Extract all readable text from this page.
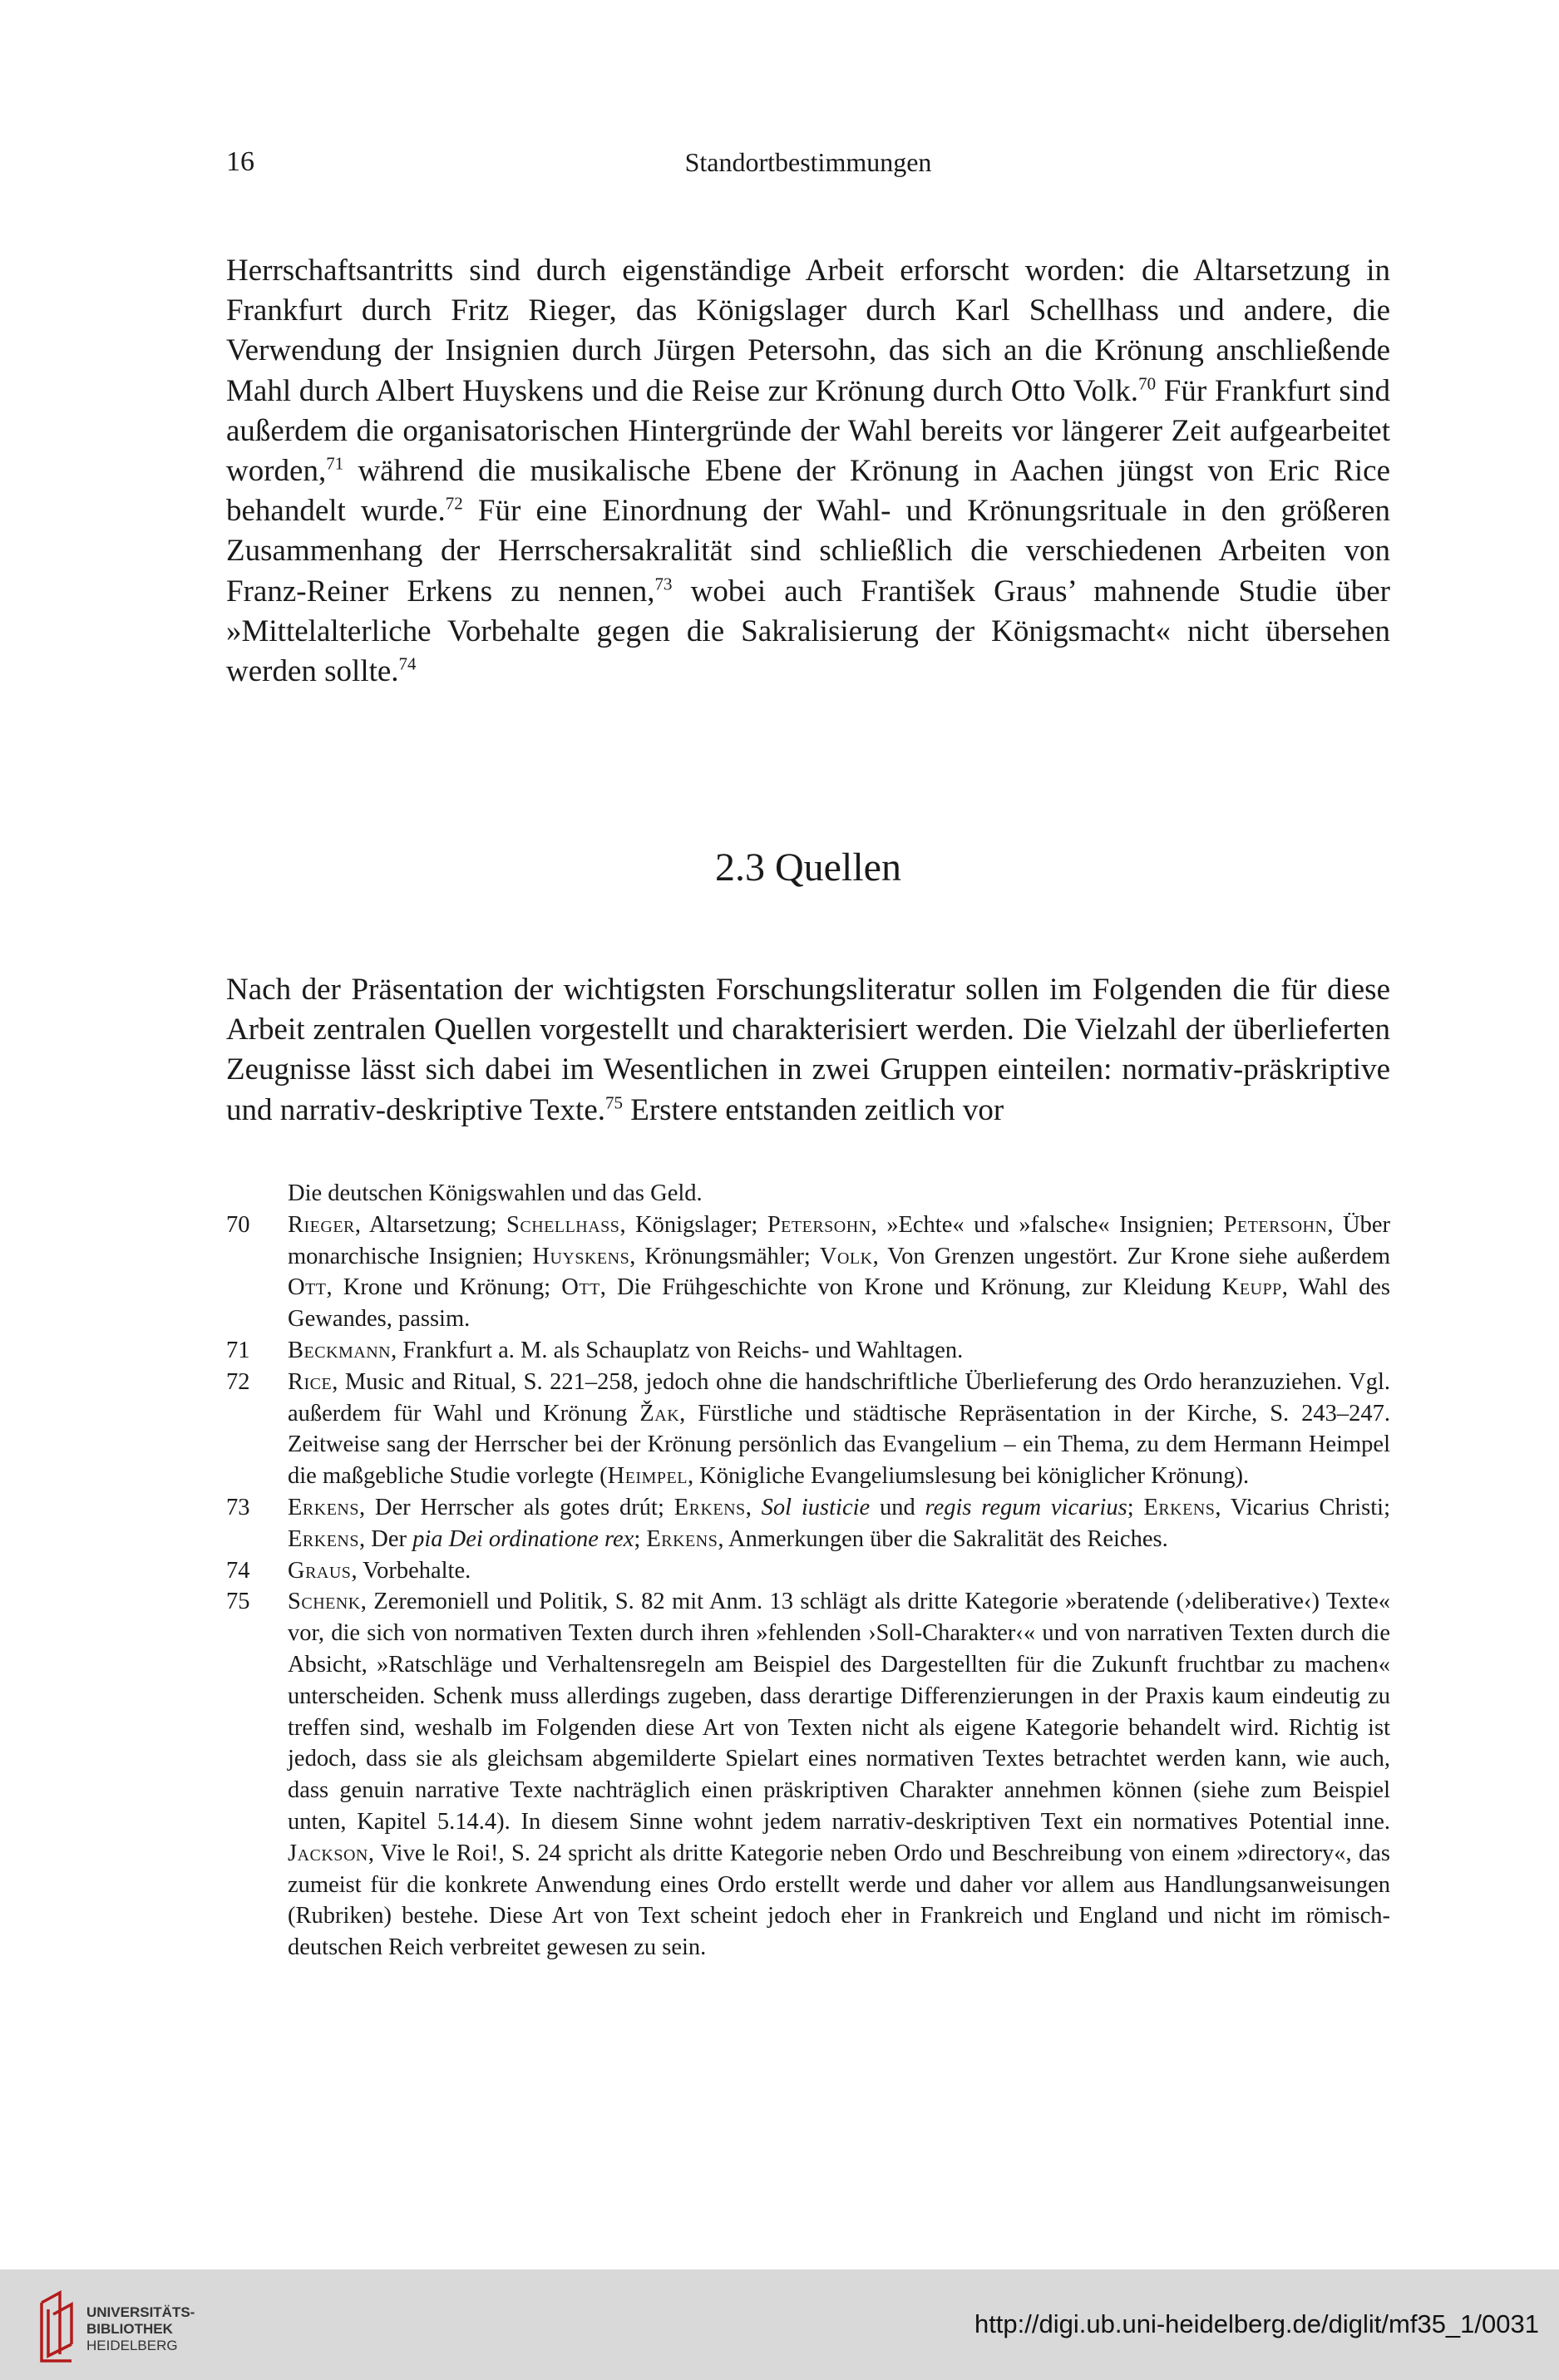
16	Standortbestimmungen

Herrschaftsantritts sind durch eigenständige Arbeit erforscht worden: die Altarsetzung in Frankfurt durch Fritz Rieger, das Königslager durch Karl Schellhass und andere, die Verwendung der Insignien durch Jürgen Petersohn, das sich an die Krönung anschließende Mahl durch Albert Huyskens und die Reise zur Krönung durch Otto Volk.$^{70}$ Für Frankfurt sind außerdem die organisatorischen Hintergründe der Wahl bereits vor längerer Zeit aufgearbeitet worden,$^{71}$ während die musikalische Ebene der Krönung in Aachen jüngst von Eric Rice behandelt wurde.$^{72}$ Für eine Einordnung der Wahl- und Krönungsrituale in den größeren Zusammenhang der Herrschersakralität sind schließlich die verschiedenen Arbeiten von Franz-Reiner Erkens zu nennen,$^{73}$ wobei auch František Graus’ mahnende Studie über »Mittelalterliche Vorbehalte gegen die Sakralisierung der Königsmacht« nicht übersehen werden sollte.$^{74}$

2.3 Quellen

Nach der Präsentation der wichtigsten Forschungsliteratur sollen im Folgenden die für diese Arbeit zentralen Quellen vorgestellt und charakterisiert werden. Die Vielzahl der überlieferten Zeugnisse lässt sich dabei im Wesentlichen in zwei Gruppen einteilen: normativ-präskriptive und narrativ-deskriptive Texte.$^{75}$ Erstere entstanden zeitlich vor

Die deutschen Königswahlen und das Geld.
70	Rieger, Altarsetzung; Schellhass, Königslager; Petersohn, »Echte« und »falsche« Insignien; Petersohn, Über monarchische Insignien; Huyskens, Krönungsmähler; Volk, Von Grenzen ungestört. Zur Krone siehe außerdem Ott, Krone und Krönung; Ott, Die Frühgeschichte von Krone und Krönung, zur Kleidung Keupp, Wahl des Gewandes, passim.
71	Beckmann, Frankfurt a. M. als Schauplatz von Reichs- und Wahltagen.
72	Rice, Music and Ritual, S. 221–258, jedoch ohne die handschriftliche Überlieferung des Ordo heranzuziehen. Vgl. außerdem für Wahl und Krönung Žak, Fürstliche und städtische Repräsentation in der Kirche, S. 243–247. Zeitweise sang der Herrscher bei der Krönung persönlich das Evangelium – ein Thema, zu dem Hermann Heimpel die maßgebliche Studie vorlegte (Heimpel, Königliche Evangeliumslesung bei königlicher Krönung).
73	Erkens, Der Herrscher als gotes drút; Erkens, Sol iusticie und regis regum vicarius; Erkens, Vicarius Christi; Erkens, Der pia Dei ordinatione rex; Erkens, Anmerkungen über die Sakralität des Reiches.
74	Graus, Vorbehalte.
75	Schenk, Zeremoniell und Politik, S. 82 mit Anm. 13 schlägt als dritte Kategorie »beratende (›deliberative‹) Texte« vor, die sich von normativen Texten durch ihren »fehlenden ›Soll-Charakter‹« und von narrativen Texten durch die Absicht, »Ratschläge und Verhaltensregeln am Beispiel des Dargestellten für die Zukunft fruchtbar zu machen« unterscheiden. Schenk muss allerdings zugeben, dass derartige Differenzierungen in der Praxis kaum eindeutig zu treffen sind, weshalb im Folgenden diese Art von Texten nicht als eigene Kategorie behandelt wird. Richtig ist jedoch, dass sie als gleichsam abgemilderte Spielart eines normativen Textes betrachtet werden kann, wie auch, dass genuin narrative Texte nachträglich einen präskriptiven Charakter annehmen können (siehe zum Beispiel unten, Kapitel 5.14.4). In diesem Sinne wohnt jedem narrativ-deskriptiven Text ein normatives Potential inne. Jackson, Vive le Roi!, S. 24 spricht als dritte Kategorie neben Ordo und Beschreibung von einem »directory«, das zumeist für die konkrete Anwendung eines Ordo erstellt werde und daher vor allem aus Handlungsanweisungen (Rubriken) bestehe. Diese Art von Text scheint jedoch eher in Frankreich und England und nicht im römisch-deutschen Reich verbreitet gewesen zu sein.
UNIVERSITÄTS-
BIBLIOTHEK
HEIDELBERG
http://digi.ub.uni-heidelberg.de/diglit/mf35_1/0031
